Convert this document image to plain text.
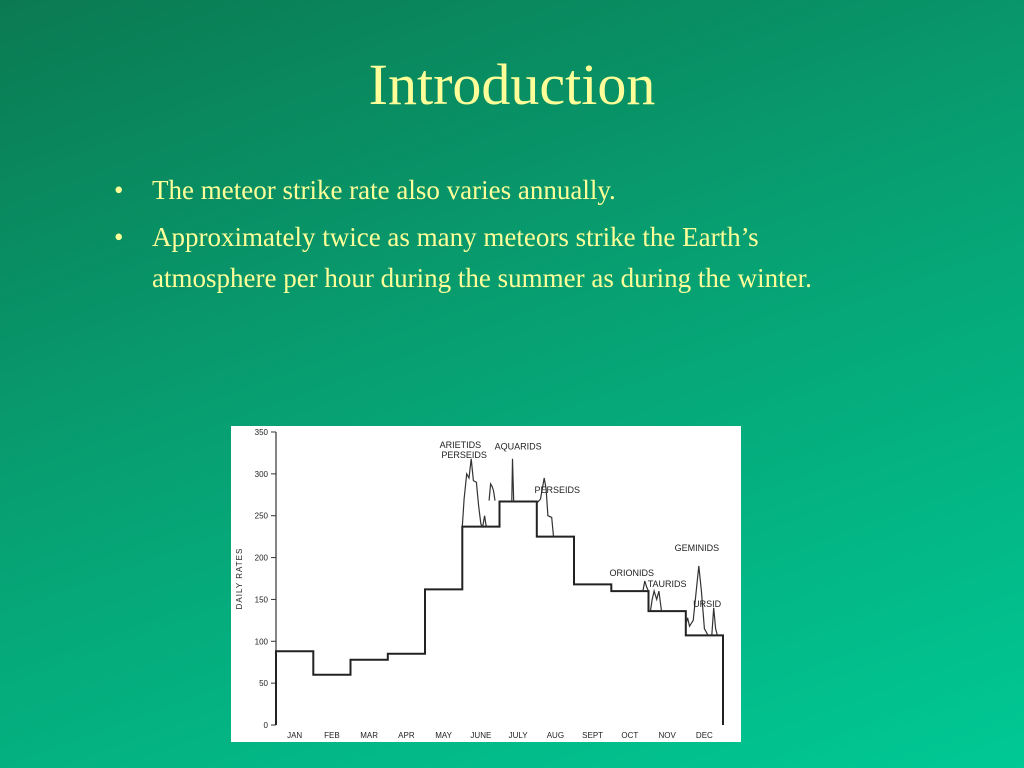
Introduction
• The meteor strike rate also varies annually.
• Approximately twice as many meteors strike the Earth’s atmosphere per hour during the summer as during the winter.
0
50
100
150
200
250
300
350
DAILY RATES
JAN	FEB	MAR	APR	MAY JUNE JULY AUG SEPT OCT	NOV	DEC
ARIETIDS
PERSEIDS
AQUARIDS
PERSEIDS
ORIONIDS
TAURIDS
GEMINIDS
URSID
